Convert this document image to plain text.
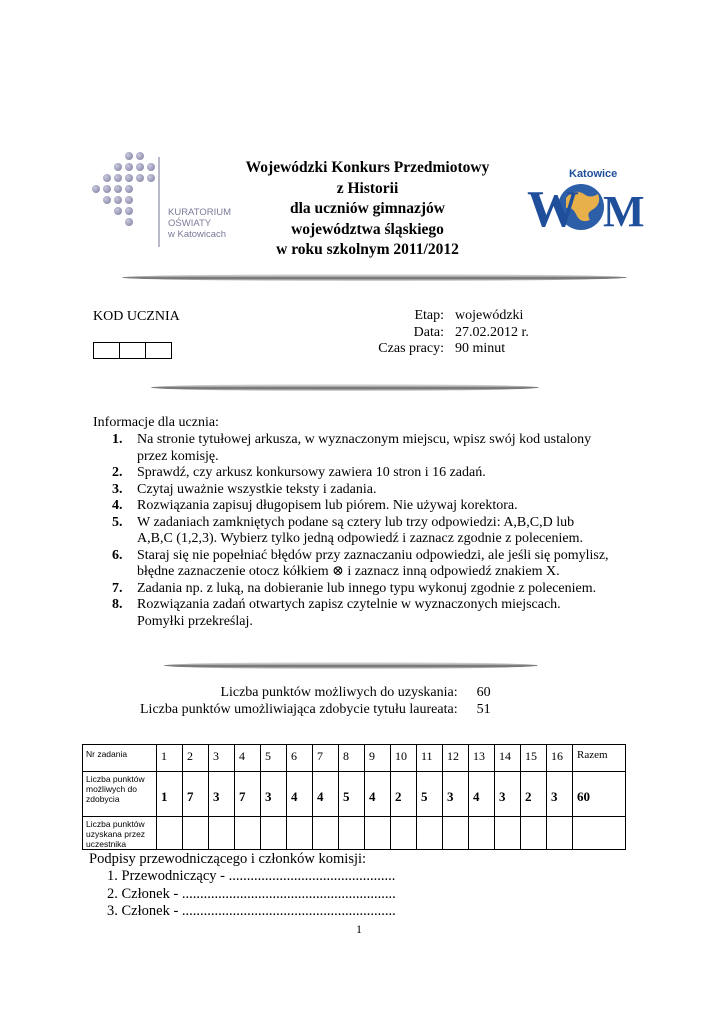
KURATORIUM
OŚWIATY
w Katowicach
Wojewódzki Konkurs Przedmiotowy
z Historii
dla uczniów gimnazjów
województwa śląskiego
w roku szkolnym 2011/2012
W M
Katowice
KOD UCZNIA	Etap:	wojewódzki
Data:	27.02.2012 r.
Czas pracy:	90 minut
Informacje dla ucznia:
1. Na stronie tytułowej arkusza, w wyznaczonym miejscu, wpisz swój kod ustalony
przez komisję.
2. Sprawdź, czy arkusz konkursowy zawiera 10 stron i 16 zadań.
3. Czytaj uważnie wszystkie teksty i zadania.
4. Rozwiązania zapisuj długopisem lub piórem. Nie używaj korektora.
5. W zadaniach zamkniętych podane są cztery lub trzy odpowiedzi: A,B,C,D lub
A,B,C (1,2,3). Wybierz tylko jedną odpowiedź i zaznacz zgodnie z poleceniem.
6. Staraj się nie popełniać błędów przy zaznaczaniu odpowiedzi, ale jeśli się pomylisz,
błędne zaznaczenie otocz kółkiem ⊗ i zaznacz inną odpowiedź znakiem X.
7. Zadania np. z luką, na dobieranie lub innego typu wykonuj zgodnie z poleceniem.
8. Rozwiązania zadań otwartych zapisz czytelnie w wyznaczonych miejscach.
Pomyłki przekreślaj.
Liczba punktów możliwych do uzyskania:	60
Liczba punktów umożliwiająca zdobycie tytułu laureata:	51
Nr zadania	1	2	3	4	5	6	7	8	9	10	11	12	13	14	15	16	Razem
Liczba punktów możliwych do zdobycia	1	7	3	7	3	4	4	5	4	2	5	3	4	3	2	3	60
Liczba punktów uzyskana przez uczestnika																	
Podpisy przewodniczącego i członków komisji:
1. Przewodniczący - ..............................................
2. Członek - ...........................................................
3. Członek - ...........................................................
1
